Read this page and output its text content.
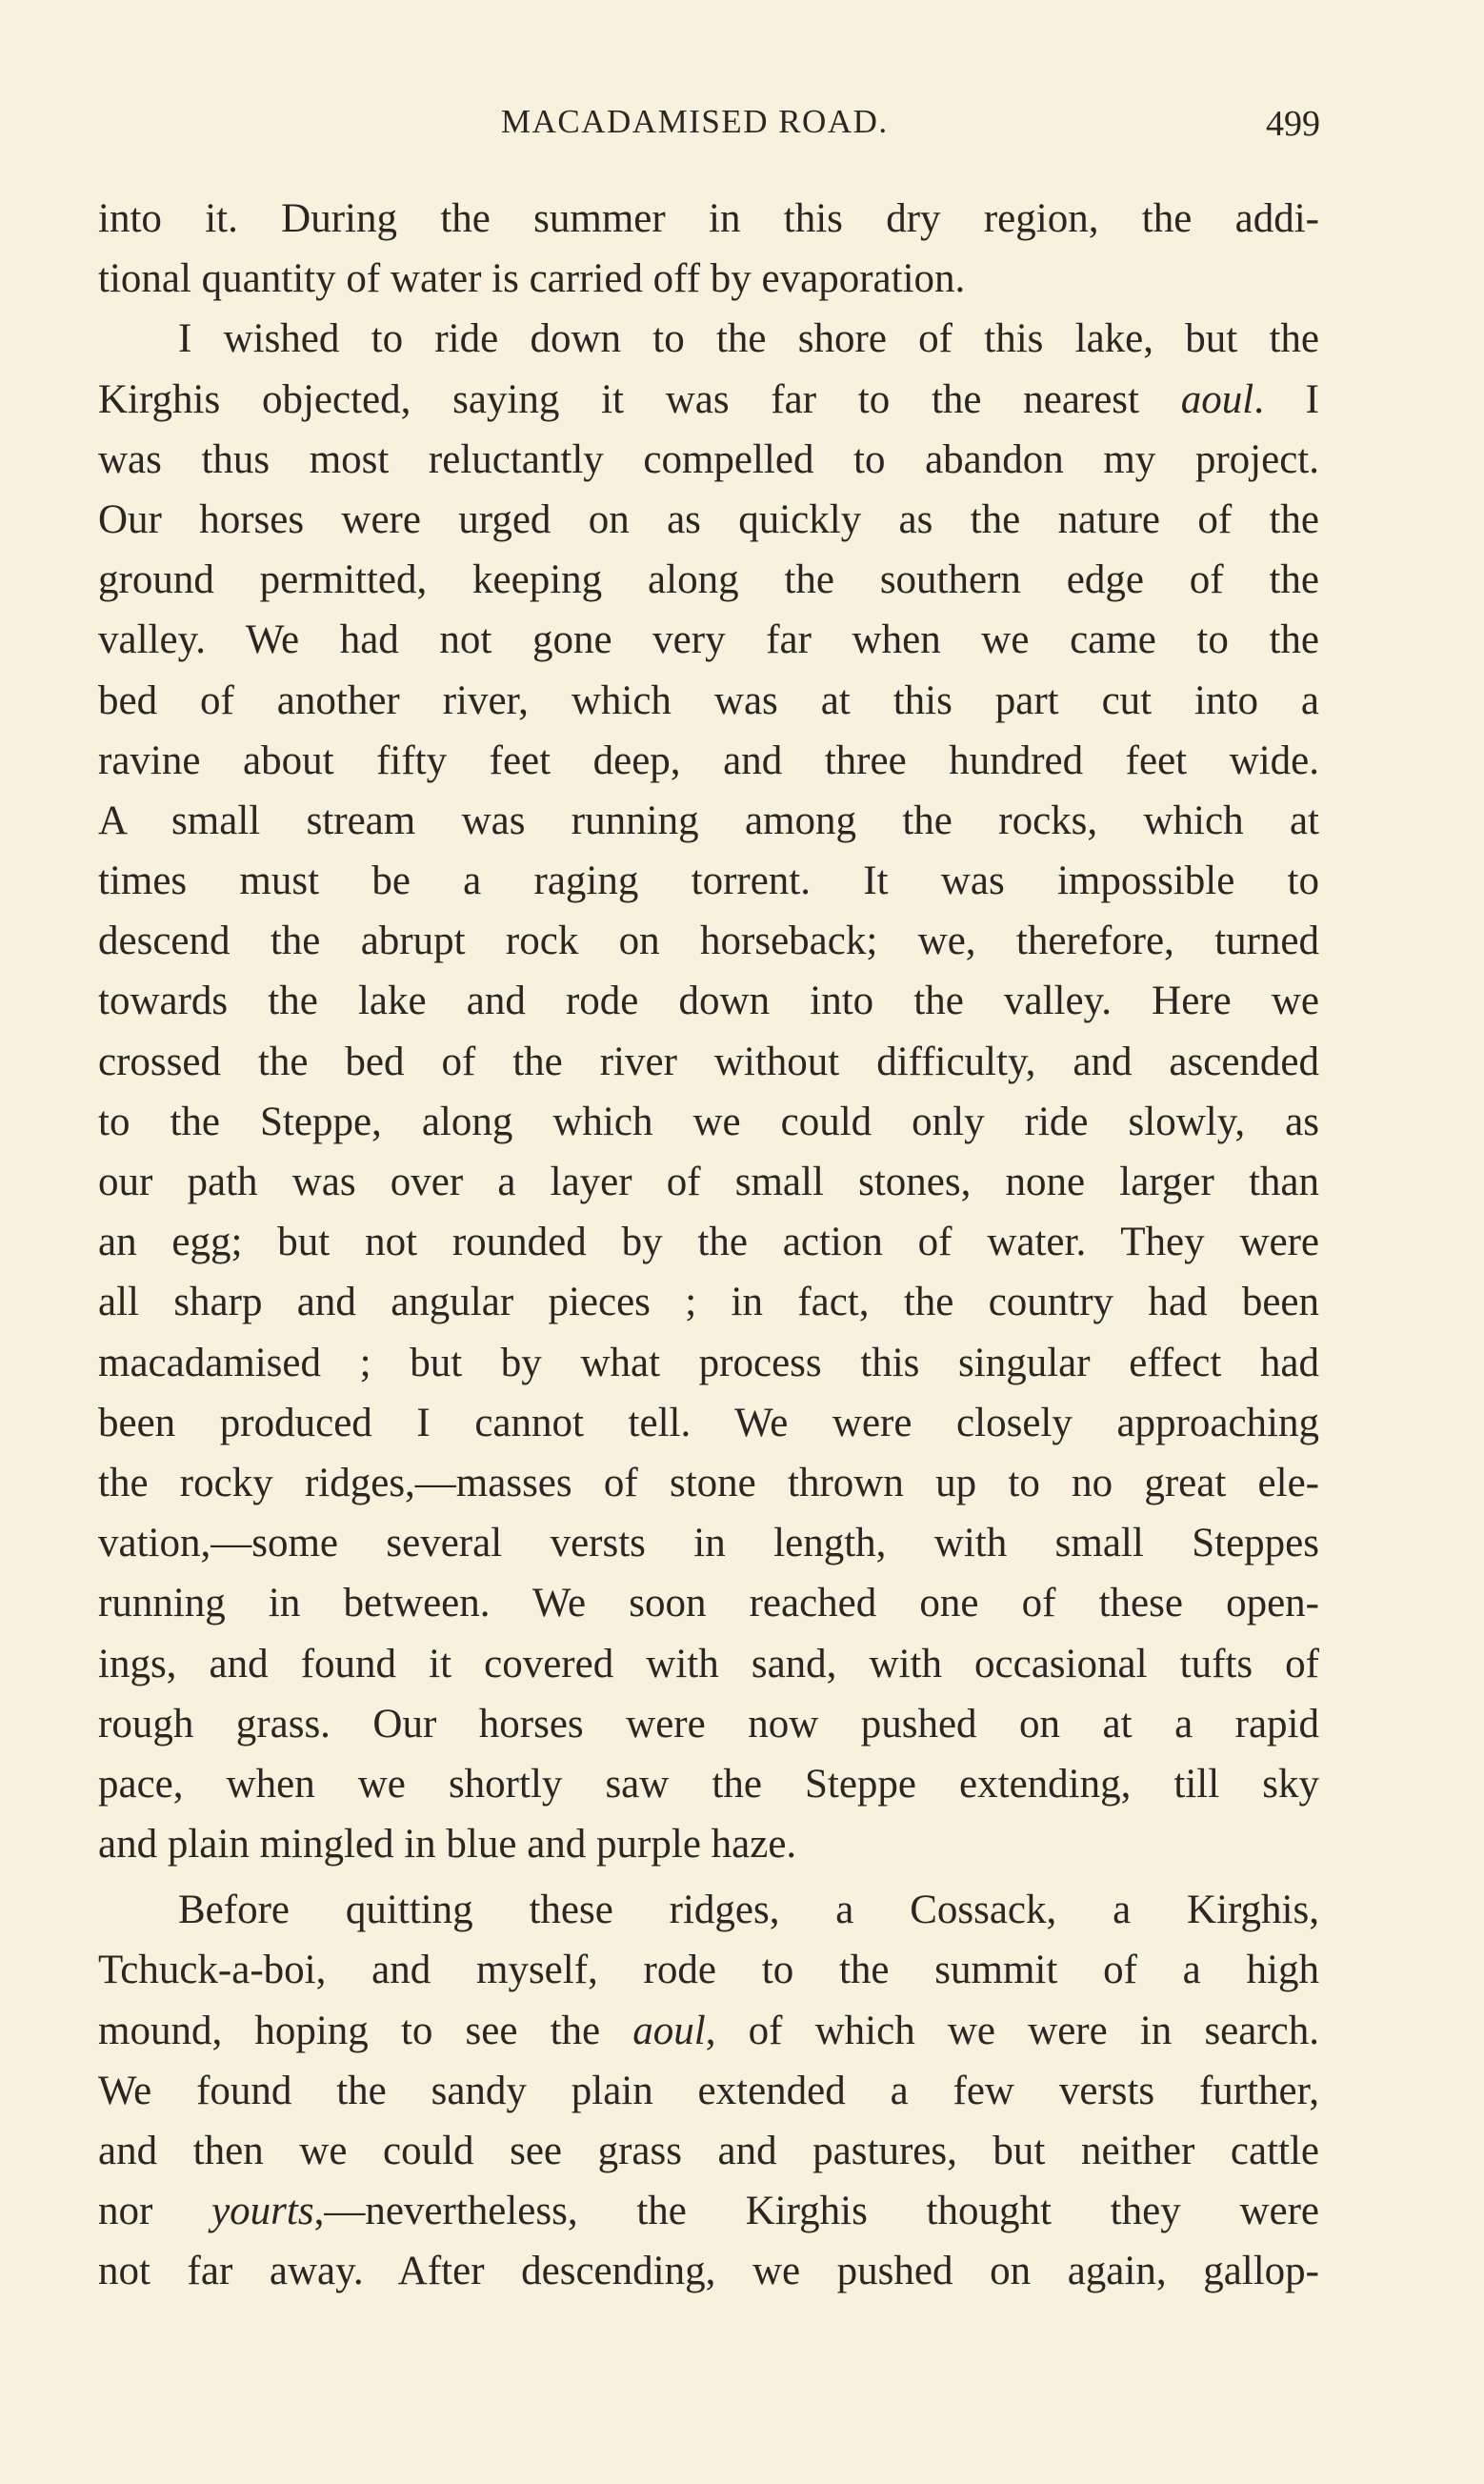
MACADAMISED ROAD.	499
into it. During the summer in this dry region, the addi-
tional quantity of water is carried off by evaporation.
I wished to ride down to the shore of this lake, but the
Kirghis objected, saying it was far to the nearest aoul. I
was thus most reluctantly compelled to abandon my project.
Our horses were urged on as quickly as the nature of the
ground permitted, keeping along the southern edge of the
valley. We had not gone very far when we came to the
bed of another river, which was at this part cut into a
ravine about fifty feet deep, and three hundred feet wide.
A small stream was running among the rocks, which at
times must be a raging torrent. It was impossible to
descend the abrupt rock on horseback; we, therefore, turned
towards the lake and rode down into the valley. Here we
crossed the bed of the river without difficulty, and ascended
to the Steppe, along which we could only ride slowly, as
our path was over a layer of small stones, none larger than
an egg; but not rounded by the action of water. They were
all sharp and angular pieces ; in fact, the country had been
macadamised ; but by what process this singular effect had
been produced I cannot tell. We were closely approaching
the rocky ridges,—masses of stone thrown up to no great ele-
vation,—some several versts in length, with small Steppes
running in between. We soon reached one of these open-
ings, and found it covered with sand, with occasional tufts of
rough grass. Our horses were now pushed on at a rapid
pace, when we shortly saw the Steppe extending, till sky
and plain mingled in blue and purple haze.
Before quitting these ridges, a Cossack, a Kirghis,
Tchuck-a-boi, and myself, rode to the summit of a high
mound, hoping to see the aoul, of which we were in search.
We found the sandy plain extended a few versts further,
and then we could see grass and pastures, but neither cattle
nor yourts,—nevertheless, the Kirghis thought they were
not far away. After descending, we pushed on again, gallop-
